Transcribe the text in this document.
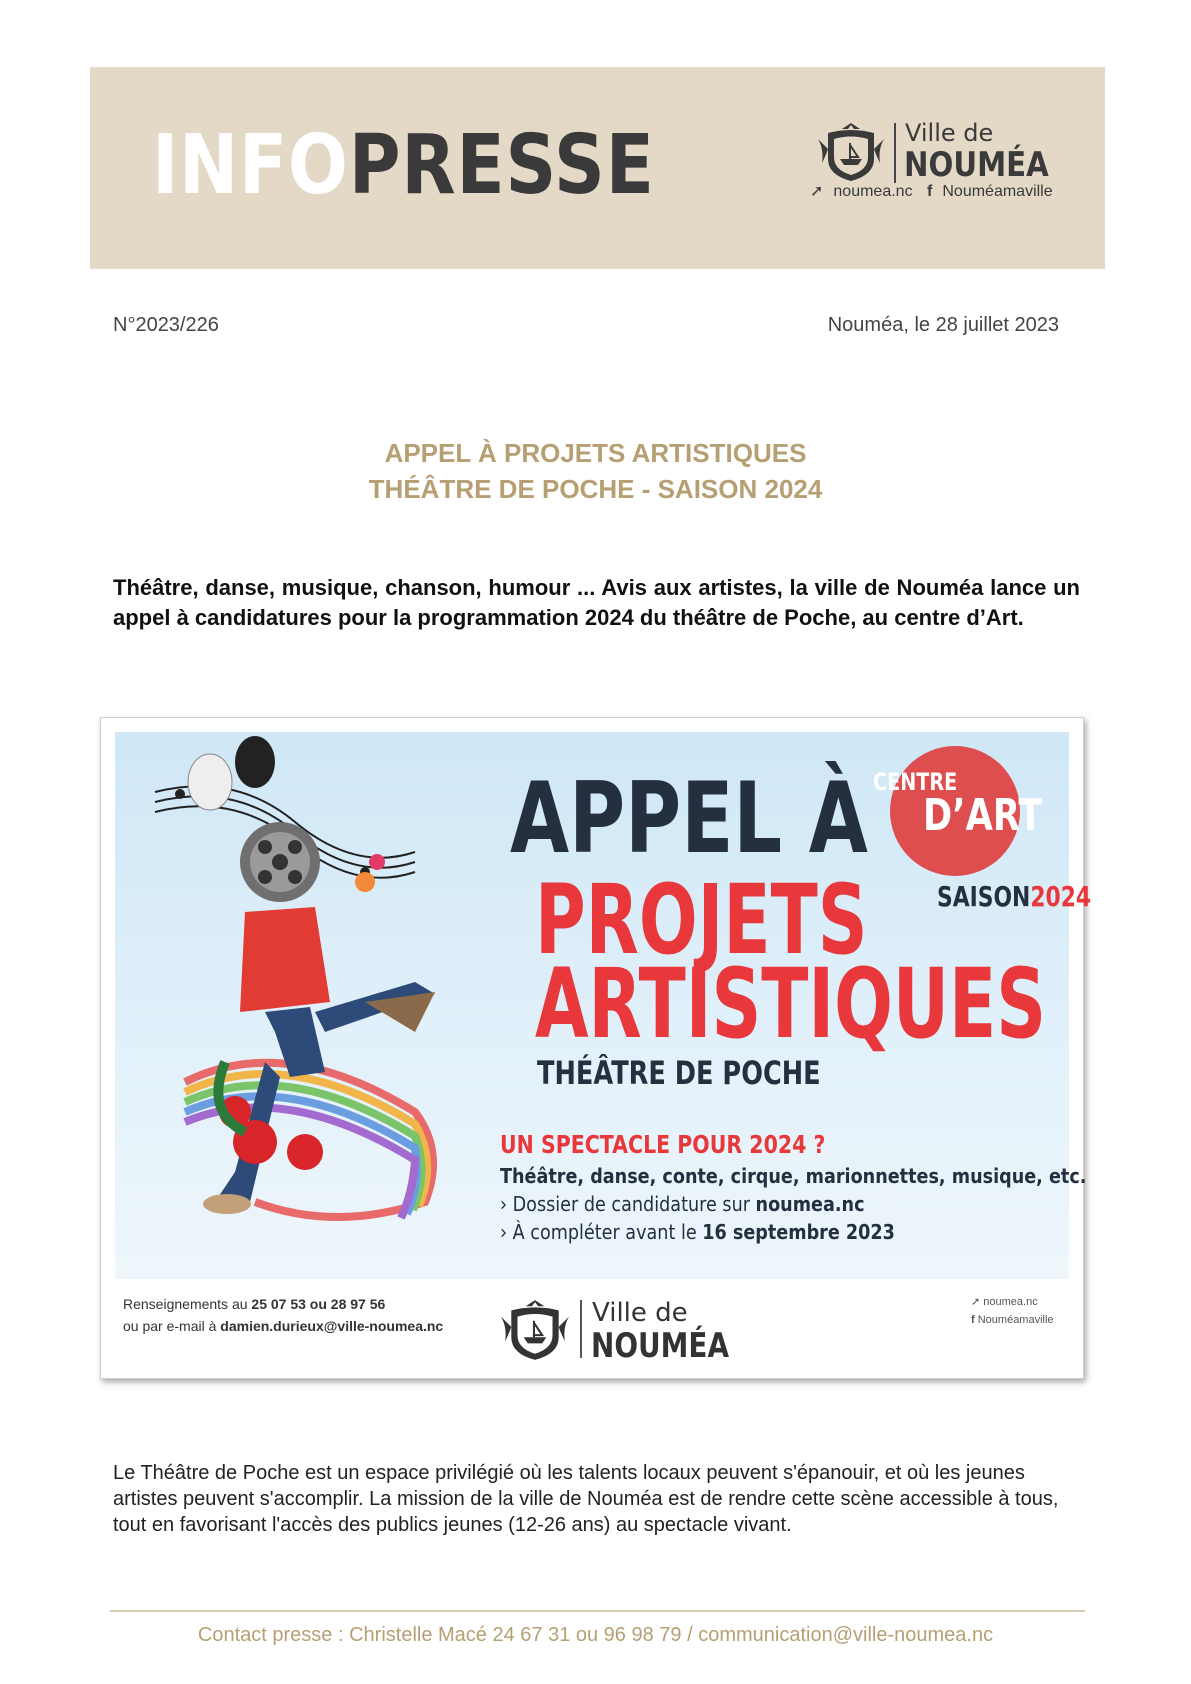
INFOPRESSE	Ville de
NOUMÉA
➚ noumea.nc f Nouméamaville
N°2023/226	Nouméa, le 28 juillet 2023
APPEL À PROJETS ARTISTIQUES
THÉÂTRE DE POCHE - SAISON 2024
Théâtre, danse, musique, chanson, humour ... Avis aux artistes, la ville de Nouméa lance un appel à candidatures pour la programmation 2024 du théâtre de Poche, au centre d’Art.
CENTRE
D’ART
SAISON2024
APPEL À
PROJETS
ARTISTIQUES
THÉÂTRE DE POCHE
UN SPECTACLE POUR 2024 ?
Théâtre, danse, conte, cirque, marionnettes, musique, etc.
› Dossier de candidature sur noumea.nc
› À compléter avant le 16 septembre 2023
Renseignements au 25 07 53 ou 28 97 56
ou par e-mail à damien.durieux@ville-noumea.nc	Ville de
NOUMÉA
➚ noumea.nc
f Nouméamaville
Le Théâtre de Poche est un espace privilégié où les talents locaux peuvent s'épanouir, et où les jeunes artistes peuvent s'accomplir. La mission de la ville de Nouméa est de rendre cette scène accessible à tous, tout en favorisant l'accès des publics jeunes (12-26 ans) au spectacle vivant.
Contact presse : Christelle Macé 24 67 31 ou 96 98 79 / communication@ville-noumea.nc
